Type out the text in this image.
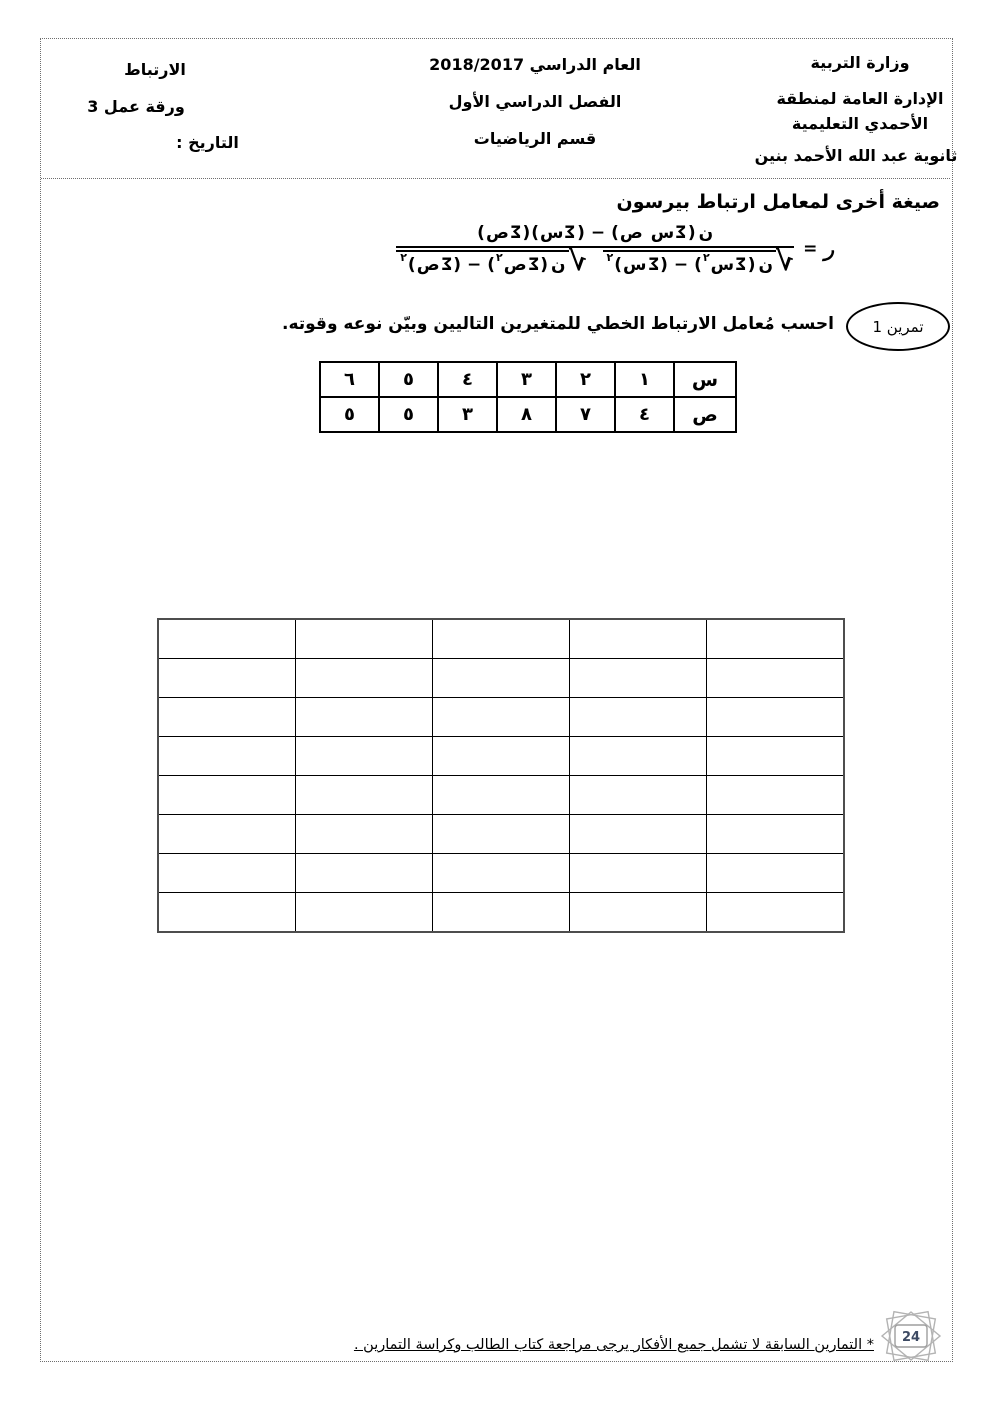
وزارة التربية
الإدارة العامة لمنطقة
الأحمدي التعليمية
ثانوية عبد الله الأحمد بنين
العام الدراسي 2018/2017
الفصل الدراسي الأول
قسم الرياضيات
الارتباط
ورقة عمل 3
التاريخ :
صيغة أخرى لمعامل ارتباط بيرسون
( ص Σ ) ( س Σ ) − ( ص
س Σ ) ن
٢ ( ص Σ ) − ( ٢ ص Σ ) ن √ ٢ ( س Σ ) − ( ٢ س Σ ) ن √ = ر
تمرين 1
احسب مُعامل الارتباط الخطي للمتغيرين التاليين وبيّن نوعه وقوته.
س	١	٢	٣	٤	٥	٦
ص	٤	٧	٨	٣	٥	٥

* التمارين السابقة لا تشمل جميع الأفكار يرجى مراجعة كتاب الطالب وكراسة التمارين . 24
